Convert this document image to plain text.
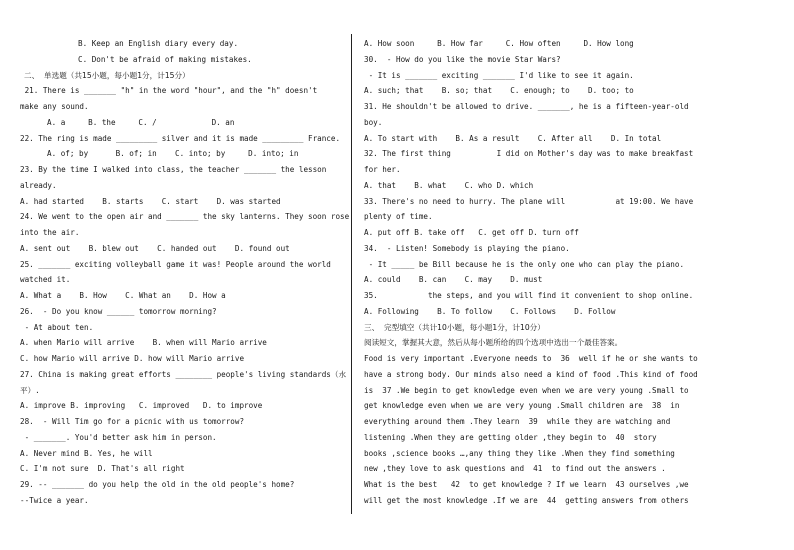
B. Keep an English diary every day.
C. Don't be afraid of making mistakes.
二、  单选题（共15小题，每小题1分，计15分）
21. There is _______ "h" in the word "hour", and the "h" doesn't
make any sound.
A. a     B. the     C. /            D. an
22. The ring is made _________ silver and it is made _________ France.
A. of; by      B. of; in    C. into; by     D. into; in
23. By the time I walked into class, the teacher _______ the lesson
already.
A. had started    B. starts    C. start    D. was started
24. We went to the open air and _______ the sky lanterns. They soon rose
into the air.
A. sent out    B. blew out    C. handed out    D. found out
25. _______ exciting volleyball game it was! People around the world
watched it.
A. What a    B. How    C. What an    D. How a
26.  - Do you know ______ tomorrow morning?
- At about ten.
A. when Mario will arrive    B. when will Mario arrive
C. how Mario will arrive D. how will Mario arrive
27. China is making great efforts ________ people's living standards（水
平）.
A. improve B. improving   C. improved   D. to improve
28.  - Will Tim go for a picnic with us tomorrow?
- _______. You'd better ask him in person.
A. Never mind B. Yes, he will
C. I'm not sure  D. That's all right
29. -- _______ do you help the old in the old people's home?
--Twice a year.
A. How soon     B. How far     C. How often     D. How long
30.  - How do you like the movie Star Wars?
- It is _______ exciting _______ I'd like to see it again.
A. such; that    B. so; that    C. enough; to    D. too; to
31. He shouldn't be allowed to drive. _______, he is a fifteen-year-old
boy.
A. To start with    B. As a result    C. After all    D. In total
32. The first thing          I did on Mother's day was to make breakfast
for her.
A. that    B. what    C. who D. which
33. There's no need to hurry. The plane will           at 19:00. We have
plenty of time.
A. put off B. take off   C. get off D. turn off
34.  - Listen! Somebody is playing the piano.
- It _____ be Bill because he is the only one who can play the piano.
A. could    B. can    C. may    D. must
35.           the steps, and you will find it convenient to shop online.
A. Following    B. To follow    C. Follows    D. Follow
三、  完型填空（共计10小题，每小题1分，计10分）
阅读短文，掌握其大意，然后从每小题所给的四个选项中选出一个最佳答案。
Food is very important .Everyone needs to  36  well if he or she wants to
have a strong body. Our minds also need a kind of food .This kind of food
is  37 .We begin to get knowledge even when we are very young .Small to
get knowledge even when we are very young .Small children are  38  in
everything around them .They learn  39  while they are watching and
listening .When they are getting older ,they begin to  40  story
books ,science books …,any thing they like .When they find something
new ,they love to ask questions and  41  to find out the answers .
What is the best   42  to get knowledge ? If we learn  43 ourselves ,we
will get the most knowledge .If we are  44  getting answers from others
